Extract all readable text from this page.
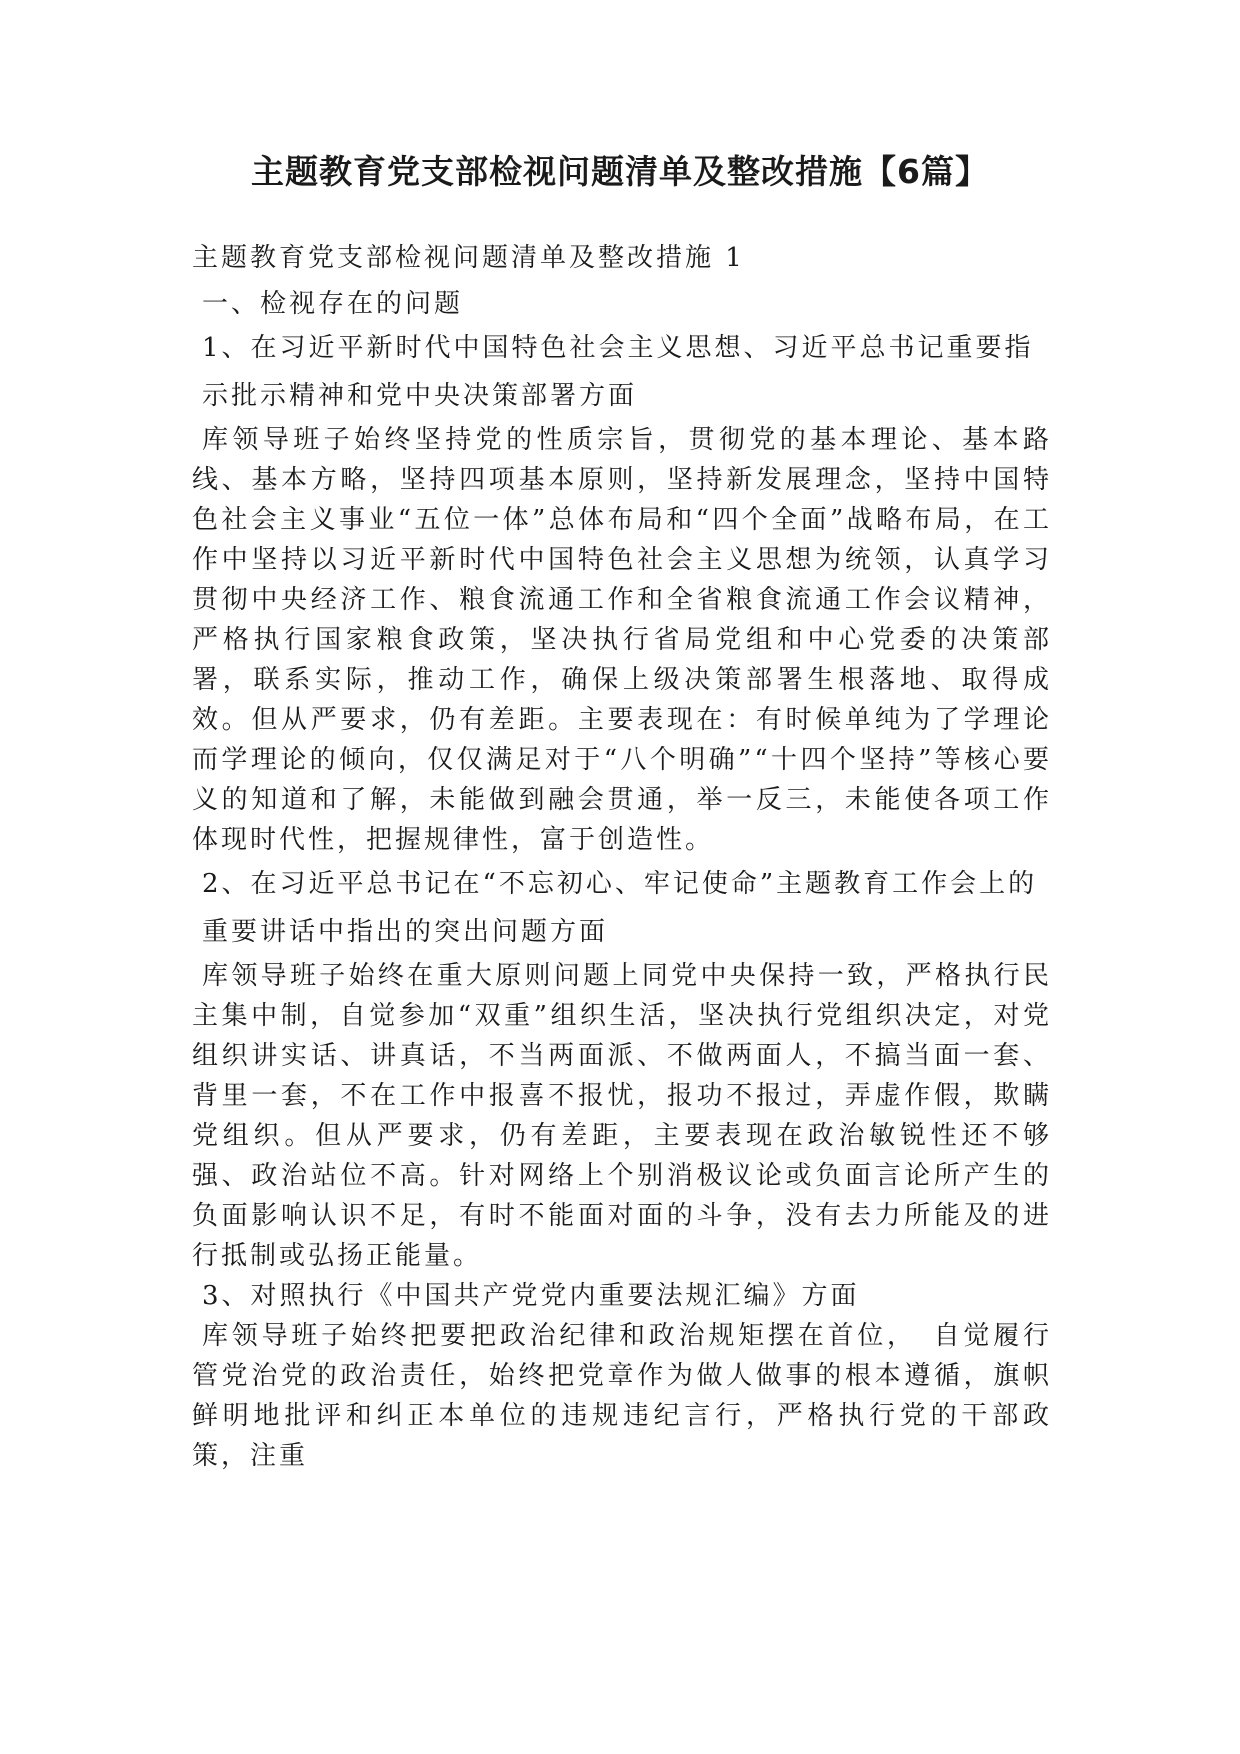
主题教育党支部检视问题清单及整改措施【6篇】

主题教育党支部检视问题清单及整改措施 1

一、检视存在的问题

1、在习近平新时代中国特色社会主义思想、习近平总书记重要指示批示精神和党中央决策部署方面

库领导班子始终坚持党的性质宗旨，贯彻党的基本理论、基本路线、基本方略，坚持四项基本原则，坚持新发展理念，坚持中国特色社会主义事业“五位一体”总体布局和“四个全面”战略布局，在工作中坚持以习近平新时代中国特色社会主义思想为统领，认真学习贯彻中央经济工作、粮食流通工作和全省粮食流通工作会议精神，严格执行国家粮食政策，坚决执行省局党组和中心党委的决策部署，联系实际，推动工作，确保上级决策部署生根落地、取得成效。但从严要求，仍有差距。主要表现在：有时候单纯为了学理论而学理论的倾向，仅仅满足对于“八个明确”“十四个坚持”等核心要义的知道和了解，未能做到融会贯通，举一反三，未能使各项工作体现时代性，把握规律性，富于创造性。

2、在习近平总书记在“不忘初心、牢记使命”主题教育工作会上的重要讲话中指出的突出问题方面

库领导班子始终在重大原则问题上同党中央保持一致，严格执行民主集中制，自觉参加“双重”组织生活，坚决执行党组织决定，对党组织讲实话、讲真话，不当两面派、不做两面人，不搞当面一套、背里一套，不在工作中报喜不报忧，报功不报过，弄虚作假，欺瞒党组织。但从严要求，仍有差距，主要表现在政治敏锐性还不够强、政治站位不高。针对网络上个别消极议论或负面言论所产生的负面影响认识不足，有时不能面对面的斗争，没有去力所能及的进行抵制或弘扬正能量。

3、对照执行《中国共产党党内重要法规汇编》方面

库领导班子始终把要把政治纪律和政治规矩摆在首位，　自觉履行管党治党的政治责任，始终把党章作为做人做事的根本遵循，旗帜鲜明地批评和纠正本单位的违规违纪言行，严格执行党的干部政策，注重
